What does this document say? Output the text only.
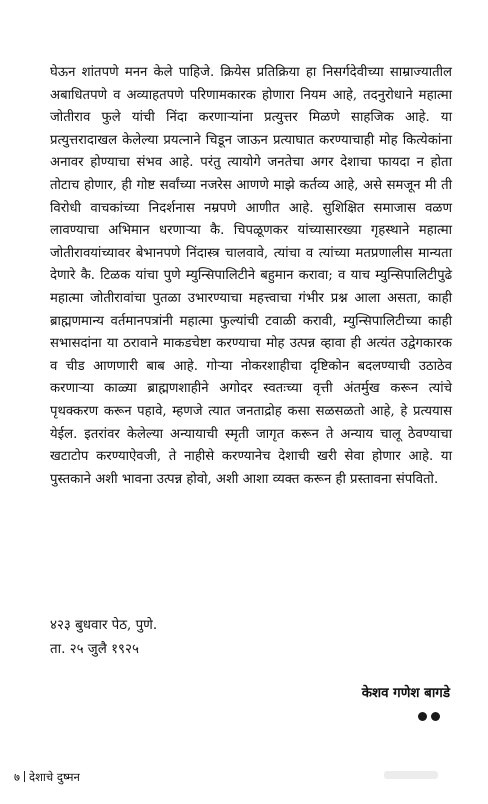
घेऊन शांतपणे मनन केले पाहिजे. क्रियेस प्रतिक्रिया हा निसर्गदेवीच्या साम्राज्यातील अबाधितपणे व अव्याहतपणे परिणामकारक होणारा नियम आहे, तदनुरोधाने महात्मा जोतीराव फुले यांची निंदा करणाऱ्यांना प्रत्युत्तर मिळणे साहजिक आहे. या प्रत्युत्तरादाखल केलेल्या प्रयत्नाने चिडून जाऊन प्रत्याघात करण्याचाही मोह कित्येकांना अनावर होण्याचा संभव आहे. परंतु त्यायोगे जनतेचा अगर देशाचा फायदा न होता तोटाच होणार, ही गोष्ट सर्वांच्या नजरेस आणणे माझे कर्तव्य आहे, असे समजून मी ती विरोधी वाचकांच्या निदर्शनास नम्रपणे आणीत आहे. सुशिक्षित समाजास वळण लावण्याचा अभिमान धरणाऱ्या कै. चिपळूणकर यांच्यासारख्या गृहस्थाने महात्मा जोतीरावयांच्यावर बेभानपणे निंदास्त्र चालवावे, त्यांचा व त्यांच्या मतप्रणालीस मान्यता देणारे कै. टिळक यांचा पुणे म्युन्सिपालिटीने बहुमान करावा; व याच म्युन्सिपालिटीपुढे महात्मा जोतीरावांचा पुतळा उभारण्याचा महत्त्वाचा गंभीर प्रश्न आला असता, काही ब्राह्मणमान्य वर्तमानपत्रांनी महात्मा फुल्यांची टवाळी करावी, म्युन्सिपालिटीच्या काही सभासदांना या ठरावाने माकडचेष्टा करण्याचा मोह उत्पन्न व्हावा ही अत्यंत उद्वेगकारक व चीड आणणारी बाब आहे. गोऱ्या नोकरशाहीचा दृष्टिकोन बदलण्याची उठाठेव करणाऱ्या काळ्या ब्राह्मणशाहीने अगोदर स्वतःच्या वृत्ती अंतर्मुख करून त्यांचे पृथक्करण करून पहावे, म्हणजे त्यात जनताद्रोह कसा सळसळतो आहे, हे प्रत्ययास येईल. इतरांवर केलेल्या अन्यायाची स्मृती जागृत करून ते अन्याय चालू ठेवण्याचा खटाटोप करण्याऐवजी, ते नाहीसे करण्यानेच देशाची खरी सेवा होणार आहे. या पुस्तकाने अशी भावना उत्पन्न होवो, अशी आशा व्यक्त करून ही प्रस्तावना संपवितो.

४२३ बुधवार पेठ, पुणे.
ता. २५ जुलै १९२५
केशव गणेश बागडे
७ देशाचे दुष्मन
